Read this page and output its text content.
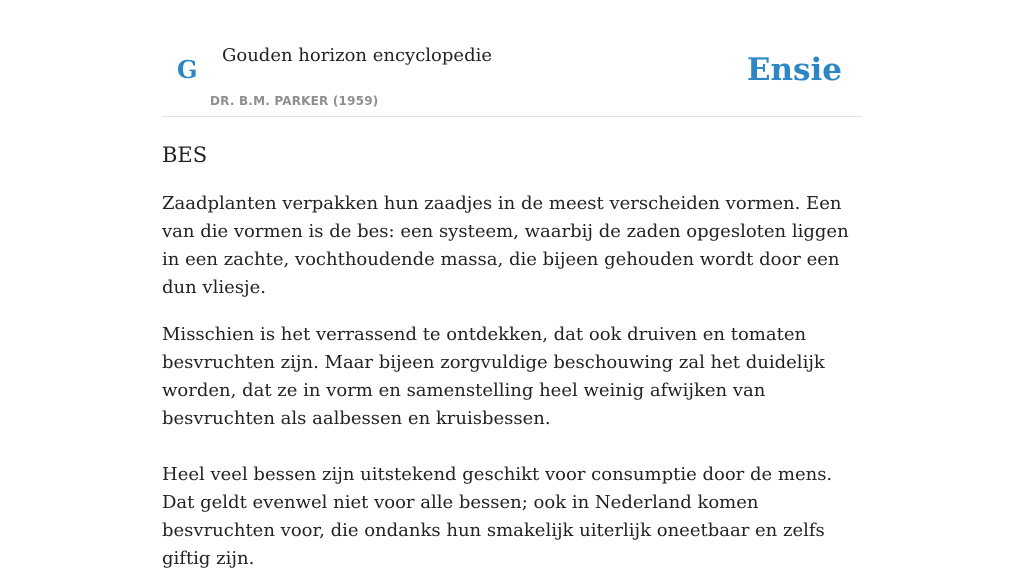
G Gouden horizon encyclopedie
DR. B.M. PARKER (1959)
Ensie
BES

Zaadplanten verpakken hun zaadjes in de meest verscheiden vormen. Een van die vormen is de bes: een systeem, waarbij de zaden opgesloten liggen in een zachte, vochthoudende massa, die bijeen gehouden wordt door een dun vliesje.

Misschien is het verrassend te ontdekken, dat ook druiven en tomaten besvruchten zijn. Maar bijeen zorgvuldige beschouwing zal het duidelijk worden, dat ze in vorm en samenstelling heel weinig afwijken van besvruchten als aalbessen en kruisbessen.

Heel veel bessen zijn uitstekend geschikt voor consumptie door de mens. Dat geldt evenwel niet voor alle bessen; ook in Nederland komen besvruchten voor, die ondanks hun smakelijk uiterlijk oneetbaar en zelfs giftig zijn.
